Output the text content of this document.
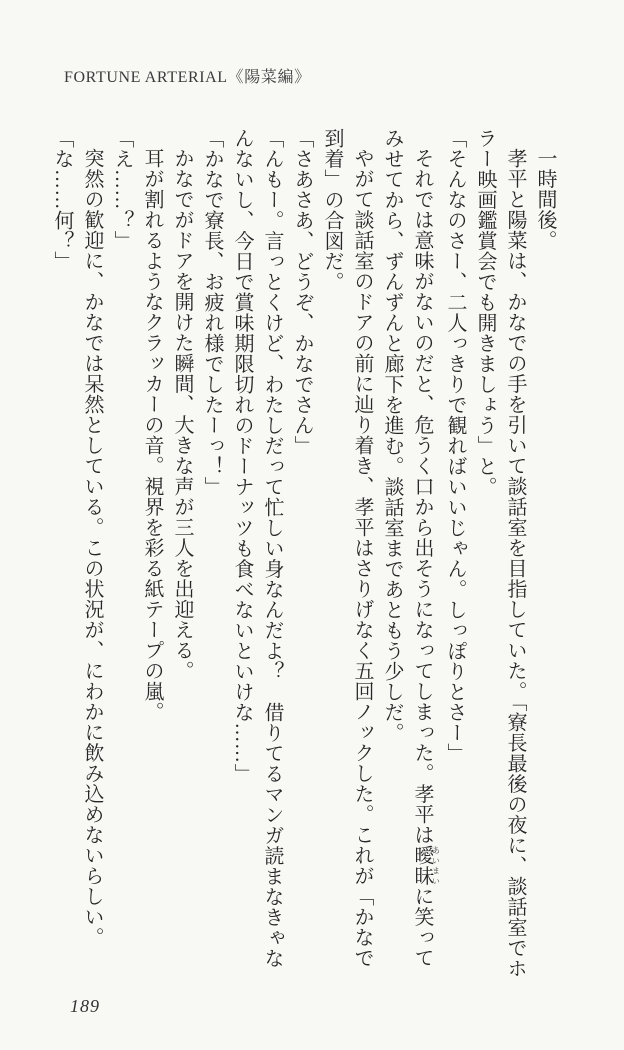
FORTUNE ARTERIAL《陽菜編》

一時間後。

孝平と陽菜は、かなでの手を引いて談話室を目指していた。「寮長最後の夜に、談話室でホラー映画鑑賞会でも開きましょう」と。

「そんなのさー、二人っきりで観ればいいじゃん。しっぽりとさー」

それでは意味がないのだと、危うく口から出そうになってしまった。孝平は曖昧あいまいに笑ってみせてから、ずんずんと廊下を進む。談話室まであともう少しだ。

やがて談話室のドアの前に辿り着き、孝平はさりげなく五回ノックした。これが「かなで到着」の合図だ。

「さあさあ、どうぞ、かなでさん」

「んもー。言っとくけど、わたしだって忙しい身なんだよ？　借りてるマンガ読まなきゃなんないし、今日で賞味期限切れのドーナッツも食べないといけな……」

「かなで寮長、お疲れ様でしたーっ！」

かなでがドアを開けた瞬間、大きな声が三人を出迎える。

耳が割れるようなクラッカーの音。視界を彩る紙テープの嵐。

「え……？」

突然の歓迎に、かなでは呆然としている。この状況が、にわかに飲み込めないらしい。

「な……何？」

189
